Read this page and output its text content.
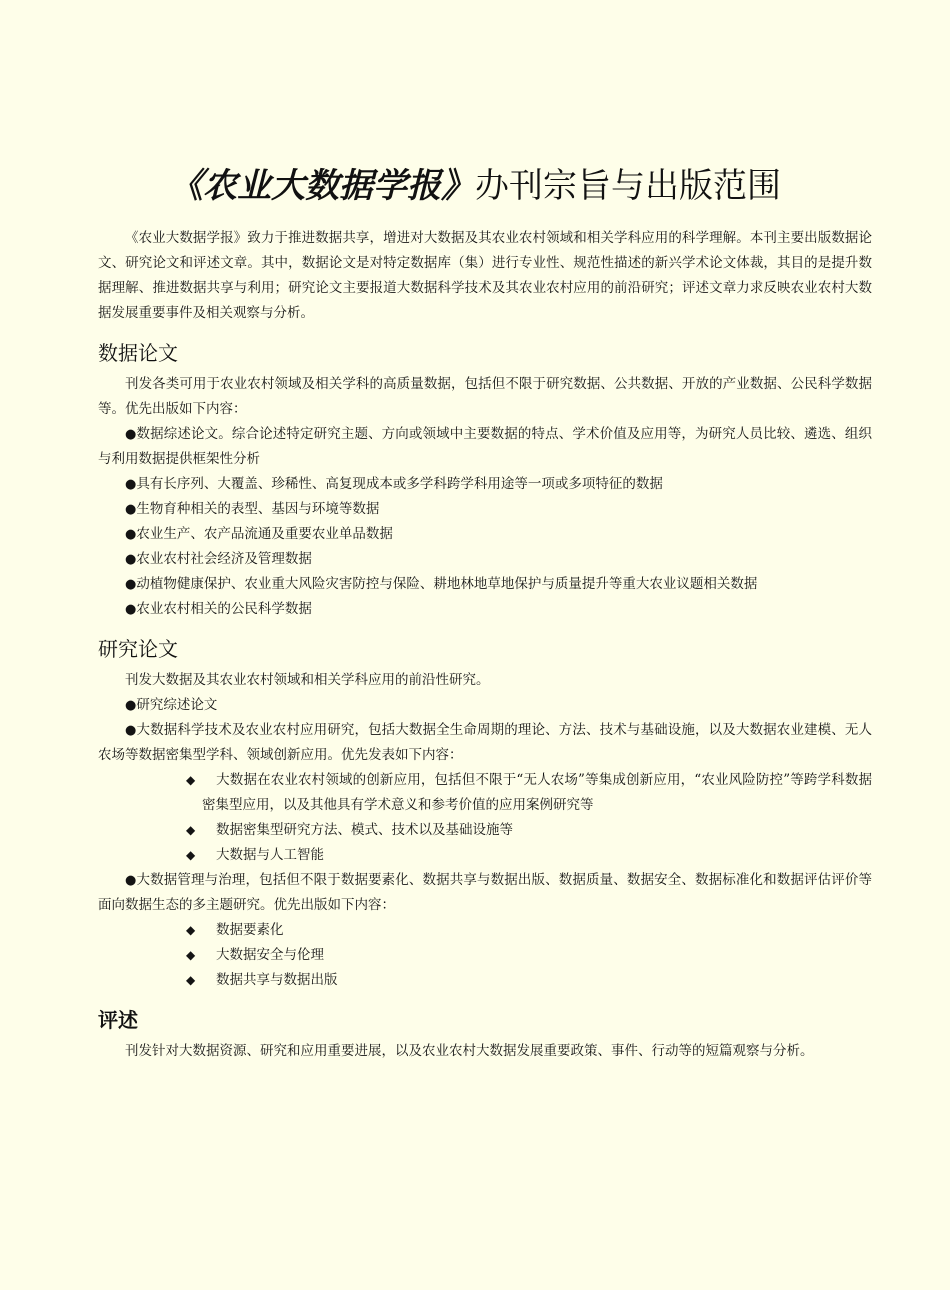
《农业大数据学报》办刊宗旨与出版范围

《农业大数据学报》致力于推进数据共享，增进对大数据及其农业农村领域和相关学科应用的科学理解。本刊主要出版数据论文、研究论文和评述文章。其中，数据论文是对特定数据库（集）进行专业性、规范性描述的新兴学术论文体裁，其目的是提升数据理解、推进数据共享与利用；研究论文主要报道大数据科学技术及其农业农村应用的前沿研究；评述文章力求反映农业农村大数据发展重要事件及相关观察与分析。

数据论文

刊发各类可用于农业农村领域及相关学科的高质量数据，包括但不限于研究数据、公共数据、开放的产业数据、公民科学数据等。优先出版如下内容：

●数据综述论文。综合论述特定研究主题、方向或领域中主要数据的特点、学术价值及应用等，为研究人员比较、遴选、组织与利用数据提供框架性分析
●具有长序列、大覆盖、珍稀性、高复现成本或多学科跨学科用途等一项或多项特征的数据
●生物育种相关的表型、基因与环境等数据
●农业生产、农产品流通及重要农业单品数据
●农业农村社会经济及管理数据
●动植物健康保护、农业重大风险灾害防控与保险、耕地林地草地保护与质量提升等重大农业议题相关数据
●农业农村相关的公民科学数据
研究论文

刊发大数据及其农业农村领域和相关学科应用的前沿性研究。

●研究综述论文
●大数据科学技术及农业农村应用研究，包括大数据全生命周期的理论、方法、技术与基础设施，以及大数据农业建模、无人农场等数据密集型学科、领域创新应用。优先发表如下内容：
◆ 大数据在农业农村领域的创新应用，包括但不限于“无人农场”等集成创新应用，“农业风险防控”等跨学科数据密集型应用，以及其他具有学术意义和参考价值的应用案例研究等
◆ 数据密集型研究方法、模式、技术以及基础设施等
◆ 大数据与人工智能
●大数据管理与治理，包括但不限于数据要素化、数据共享与数据出版、数据质量、数据安全、数据标准化和数据评估评价等面向数据生态的多主题研究。优先出版如下内容：
◆ 数据要素化
◆ 大数据安全与伦理
◆ 数据共享与数据出版
评述

刊发针对大数据资源、研究和应用重要进展，以及农业农村大数据发展重要政策、事件、行动等的短篇观察与分析。
